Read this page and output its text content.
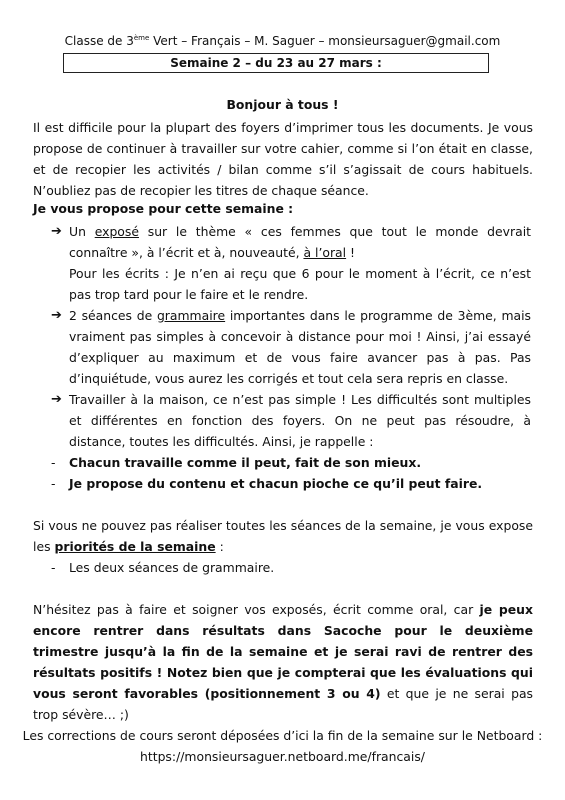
Classe de 3ème Vert – Français – M. Saguer – monsieursaguer@gmail.com
Semaine 2 – du 23 au 27 mars :
Bonjour à tous !
Il est difficile pour la plupart des foyers d’imprimer tous les documents. Je vous propose de continuer à travailler sur votre cahier, comme si l’on était en classe, et de recopier les activités / bilan comme s’il s’agissait de cours habituels. N’oubliez pas de recopier les titres de chaque séance.
Je vous propose pour cette semaine :
➔ Un exposé sur le thème « ces femmes que tout le monde devrait connaître », à l’écrit et à, nouveauté, à l’oral !
Pour les écrits : Je n’en ai reçu que 6 pour le moment à l’écrit, ce n’est pas trop tard pour le faire et le rendre.
➔ 2 séances de grammaire importantes dans le programme de 3ème, mais vraiment pas simples à concevoir à distance pour moi ! Ainsi, j’ai essayé d’expliquer au maximum et de vous faire avancer pas à pas. Pas d’inquiétude, vous aurez les corrigés et tout cela sera repris en classe.
➔ Travailler à la maison, ce n’est pas simple ! Les difficultés sont multiples et différentes en fonction des foyers. On ne peut pas résoudre, à distance, toutes les difficultés. Ainsi, je rappelle :
- Chacun travaille comme il peut, fait de son mieux.
- Je propose du contenu et chacun pioche ce qu’il peut faire.
Si vous ne pouvez pas réaliser toutes les séances de la semaine, je vous expose les priorités de la semaine :
- Les deux séances de grammaire.
N’hésitez pas à faire et soigner vos exposés, écrit comme oral, car je peux encore rentrer dans résultats dans Sacoche pour le deuxième trimestre jusqu’à la fin de la semaine et je serai ravi de rentrer des résultats positifs ! Notez bien que je compterai que les évaluations qui vous seront favorables (positionnement 3 ou 4) et que je ne serai pas trop sévère… ;)
Les corrections de cours seront déposées d’ici la fin de la semaine sur le Netboard :
https://monsieursaguer.netboard.me/francais/
